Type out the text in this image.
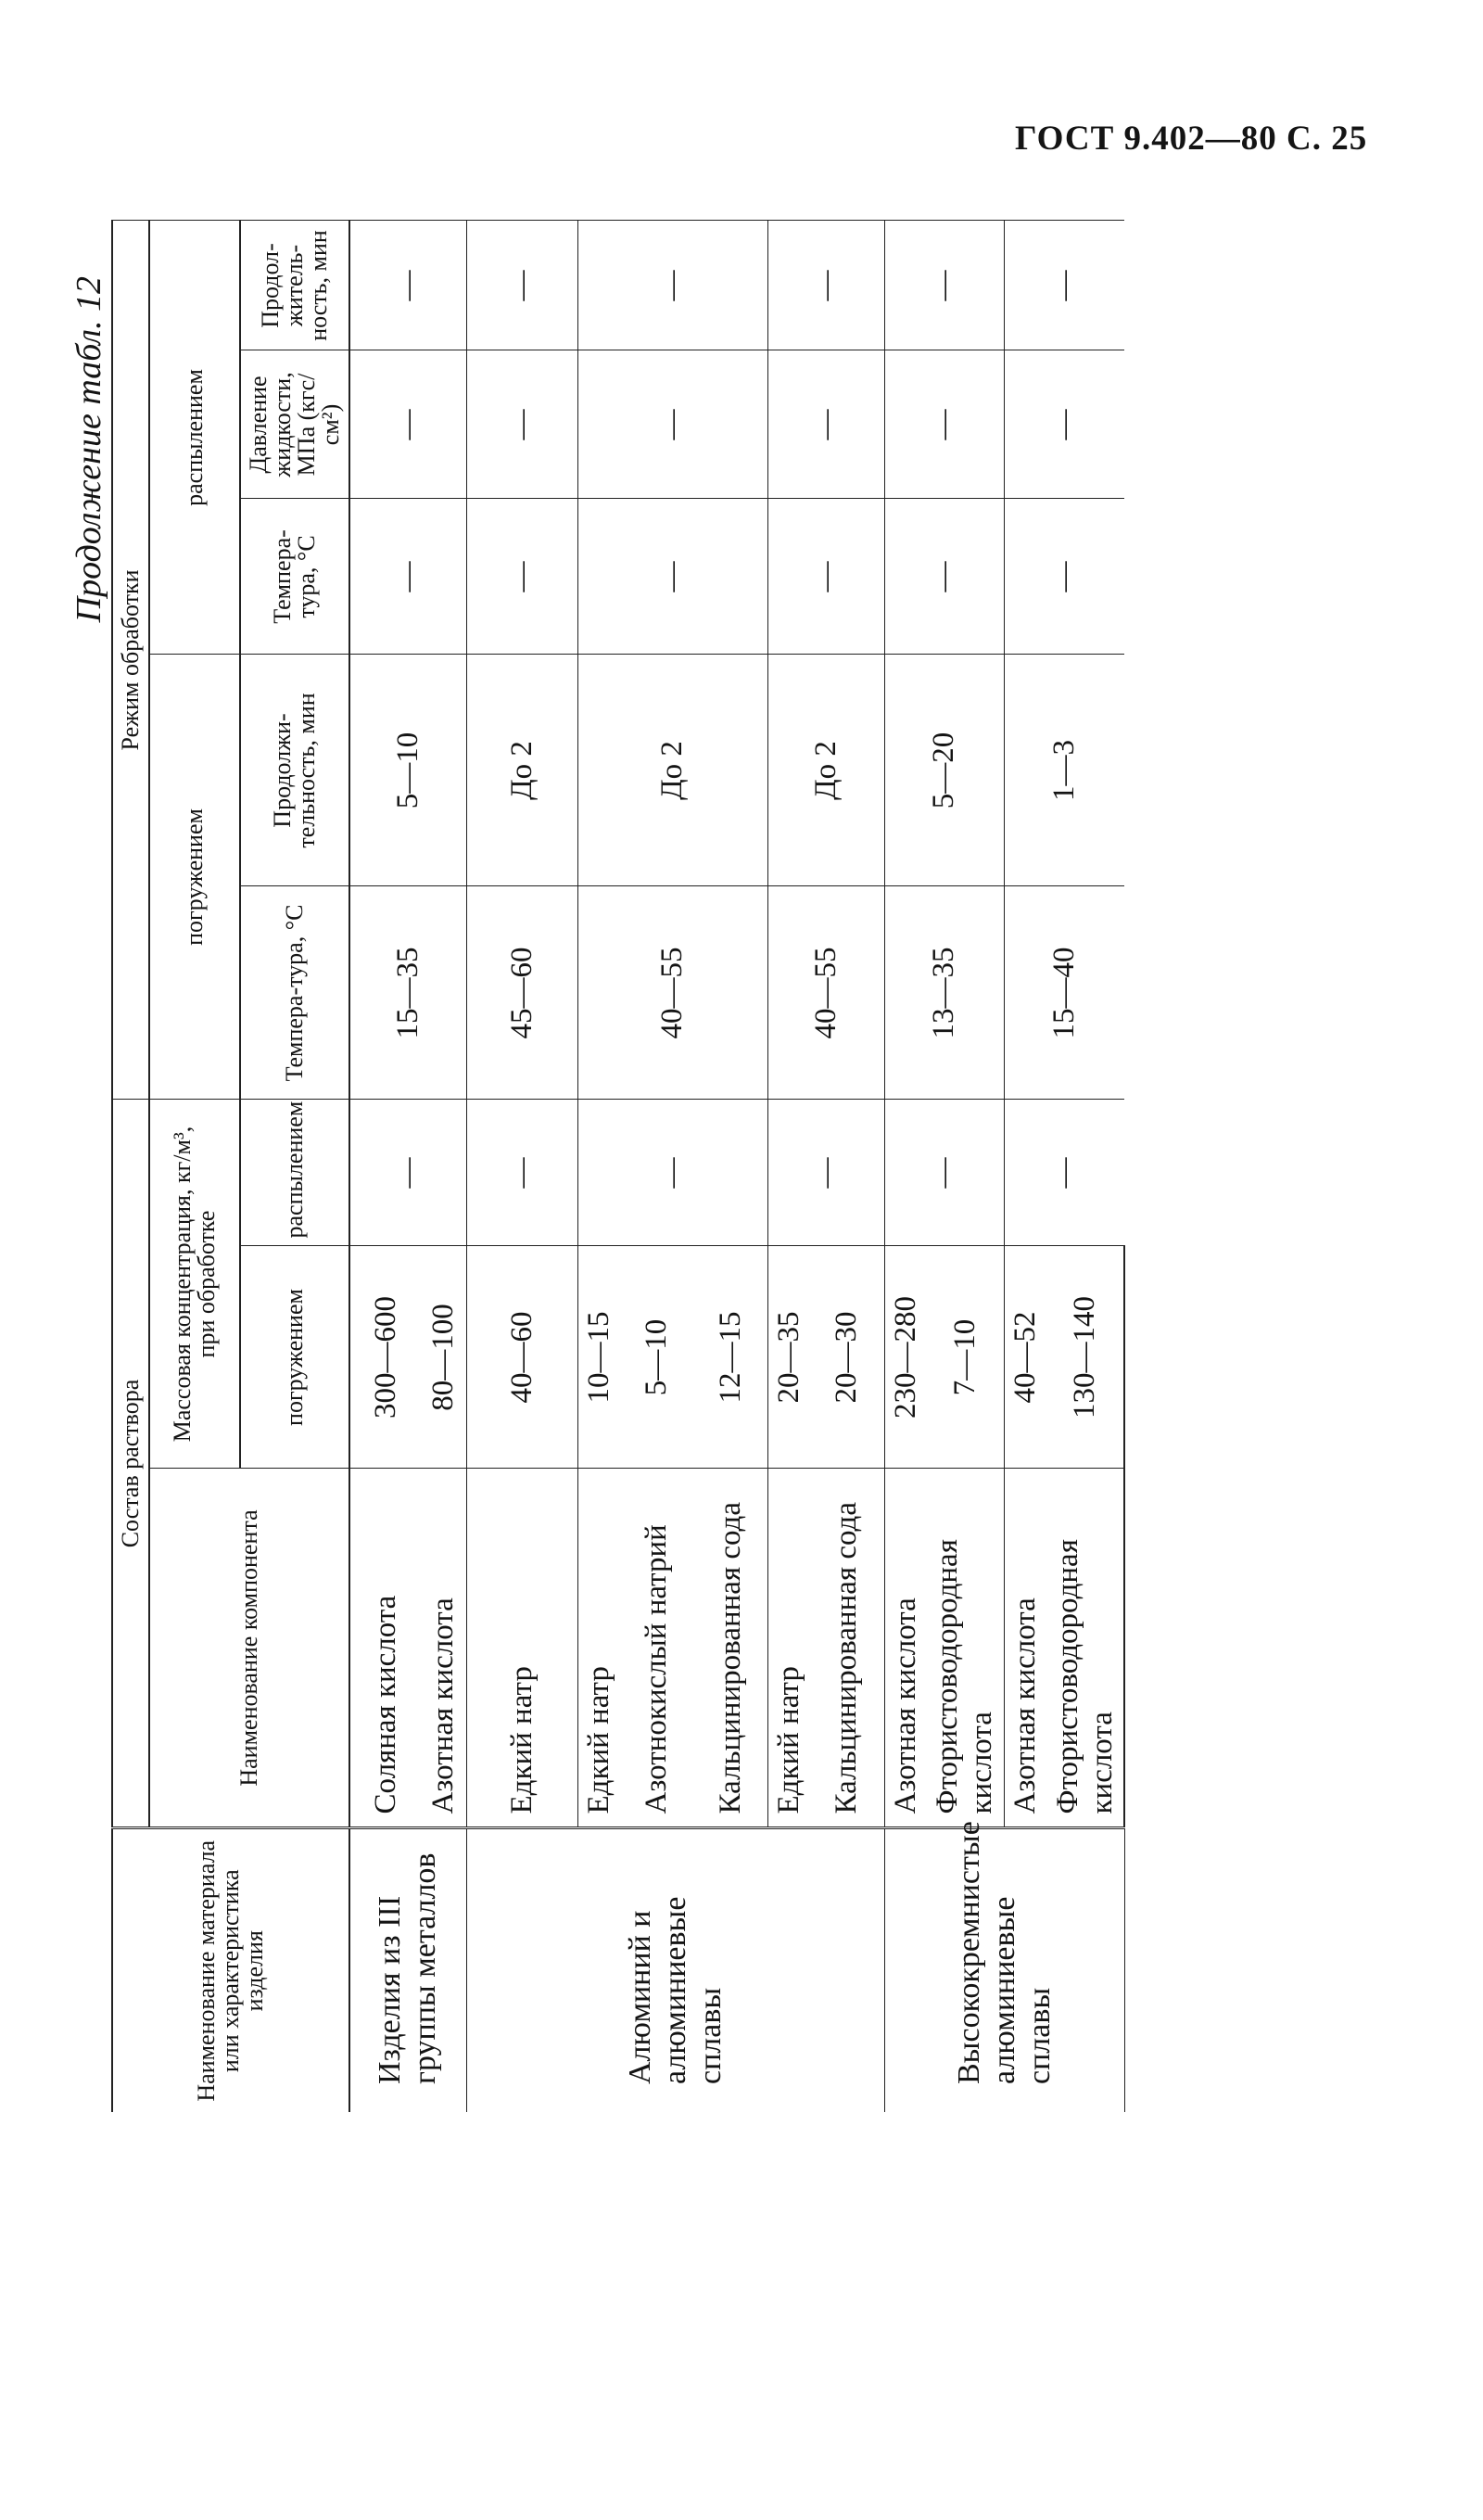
ГОСТ 9.402—80 С. 25
Продолжение табл. 12
Наименование материала или характеристика изделия	Состав раствора			Режим обработки				
	Наименование компонента	Массовая концентрация, кг/м³, при обработке		погружением		распылением		
		погружением	распылением	Темпера-тура, °С	Продолжи-тельность, мин	Темпера-тура, °С	Давление жидкости, МПа (кгс/см²)	Продол-житель-ность, мин
Изделия из III группы металлов	Соляная кислота	300—600	—	15—35	5—10	—	—	—
	Азотная кислота	80—100						
Алюминий и алюминиевые сплавы	Едкий натр	40—60	—	45—60	До 2	—	—	—
	Едкий натр	10—15	—	40—55	До 2	—	—	—
	Азотнокислый натрий	5—10						
	Кальцинированная сода	12—15						
	Едкий натр	20—35	—	40—55	До 2	—	—	—
	Кальцинированная сода	20—30						
Высококремнистые алюминиевые сплавы	Азотная кислота	230—280	—	13—35	5—20	—	—	—
	Фтористоводородная кислота	7—10						
	Азотная кислота	40—52	—	15—40	1—3	—	—	—
	Фтористоводородная кислота	130—140						
